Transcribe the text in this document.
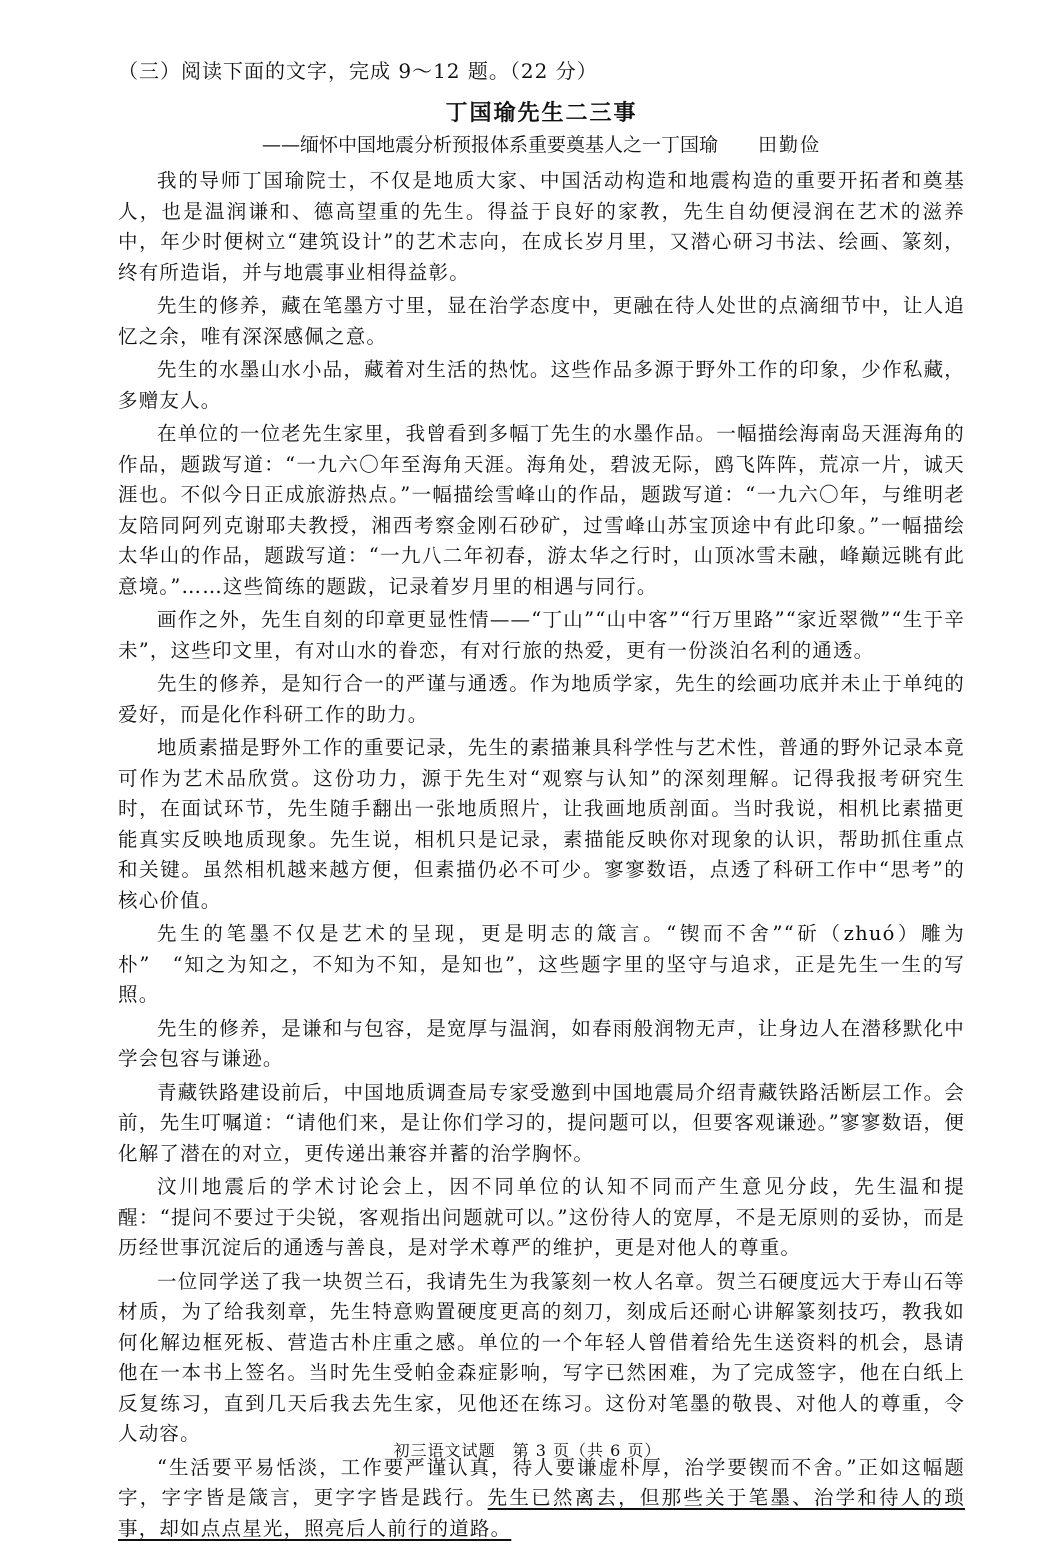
（三）阅读下面的文字，完成 9～12 题。（22 分）
丁国瑜先生二三事
——缅怀中国地震分析预报体系重要奠基人之一丁国瑜 田勤俭

我的导师丁国瑜院士，不仅是地质大家、中国活动构造和地震构造的重要开拓者和奠基人，也是温润谦和、德高望重的先生。得益于良好的家教，先生自幼便浸润在艺术的滋养中，年少时便树立“建筑设计”的艺术志向，在成长岁月里，又潜心研习书法、绘画、篆刻，终有所造诣，并与地震事业相得益彰。

先生的修养，藏在笔墨方寸里，显在治学态度中，更融在待人处世的点滴细节中，让人追忆之余，唯有深深感佩之意。

先生的水墨山水小品，藏着对生活的热忱。这些作品多源于野外工作的印象，少作私藏，多赠友人。

在单位的一位老先生家里，我曾看到多幅丁先生的水墨作品。一幅描绘海南岛天涯海角的作品，题跋写道：“一九六〇年至海角天涯。海角处，碧波无际，鸥飞阵阵，荒凉一片，诚天涯也。不似今日正成旅游热点。”一幅描绘雪峰山的作品，题跋写道：“一九六〇年，与维明老友陪同阿列克谢耶夫教授，湘西考察金刚石砂矿，过雪峰山苏宝顶途中有此印象。”一幅描绘太华山的作品，题跋写道：“一九八二年初春，游太华之行时，山顶冰雪未融，峰巅远眺有此意境。”……这些简练的题跋，记录着岁月里的相遇与同行。

画作之外，先生自刻的印章更显性情——“丁山”“山中客”“行万里路”“家近翠微”“生于辛未”，这些印文里，有对山水的眷恋，有对行旅的热爱，更有一份淡泊名利的通透。

先生的修养，是知行合一的严谨与通透。作为地质学家，先生的绘画功底并未止于单纯的爱好，而是化作科研工作的助力。

地质素描是野外工作的重要记录，先生的素描兼具科学性与艺术性，普通的野外记录本竟可作为艺术品欣赏。这份功力，源于先生对“观察与认知”的深刻理解。记得我报考研究生时，在面试环节，先生随手翻出一张地质照片，让我画地质剖面。当时我说，相机比素描更能真实反映地质现象。先生说，相机只是记录，素描能反映你对现象的认识，帮助抓住重点和关键。虽然相机越来越方便，但素描仍必不可少。寥寥数语，点透了科研工作中“思考”的核心价值。

先生的笔墨不仅是艺术的呈现，更是明志的箴言。“锲而不舍”“斫（zhuó）雕为朴”　“知之为知之，不知为不知，是知也”，这些题字里的坚守与追求，正是先生一生的写照。

先生的修养，是谦和与包容，是宽厚与温润，如春雨般润物无声，让身边人在潜移默化中学会包容与谦逊。

青藏铁路建设前后，中国地质调查局专家受邀到中国地震局介绍青藏铁路活断层工作。会前，先生叮嘱道：“请他们来，是让你们学习的，提问题可以，但要客观谦逊。”寥寥数语，便化解了潜在的对立，更传递出兼容并蓄的治学胸怀。

汶川地震后的学术讨论会上，因不同单位的认知不同而产生意见分歧，先生温和提醒：“提问不要过于尖锐，客观指出问题就可以。”这份待人的宽厚，不是无原则的妥协，而是历经世事沉淀后的通透与善良，是对学术尊严的维护，更是对他人的尊重。

一位同学送了我一块贺兰石，我请先生为我篆刻一枚人名章。贺兰石硬度远大于寿山石等材质，为了给我刻章，先生特意购置硬度更高的刻刀，刻成后还耐心讲解篆刻技巧，教我如何化解边框死板、营造古朴庄重之感。单位的一个年轻人曾借着给先生送资料的机会，恳请他在一本书上签名。当时先生受帕金森症影响，写字已然困难，为了完成签字，他在白纸上反复练习，直到几天后我去先生家，见他还在练习。这份对笔墨的敬畏、对他人的尊重，令人动容。

“生活要平易恬淡，工作要严谨认真，待人要谦虚朴厚，治学要锲而不舍。”正如这幅题字，字字皆是箴言，更字字皆是践行。先生已然离去，但那些关于笔墨、治学和待人的琐事，却如点点星光，照亮后人前行的道路。

初三语文试题　第 3 页（共 6 页）
